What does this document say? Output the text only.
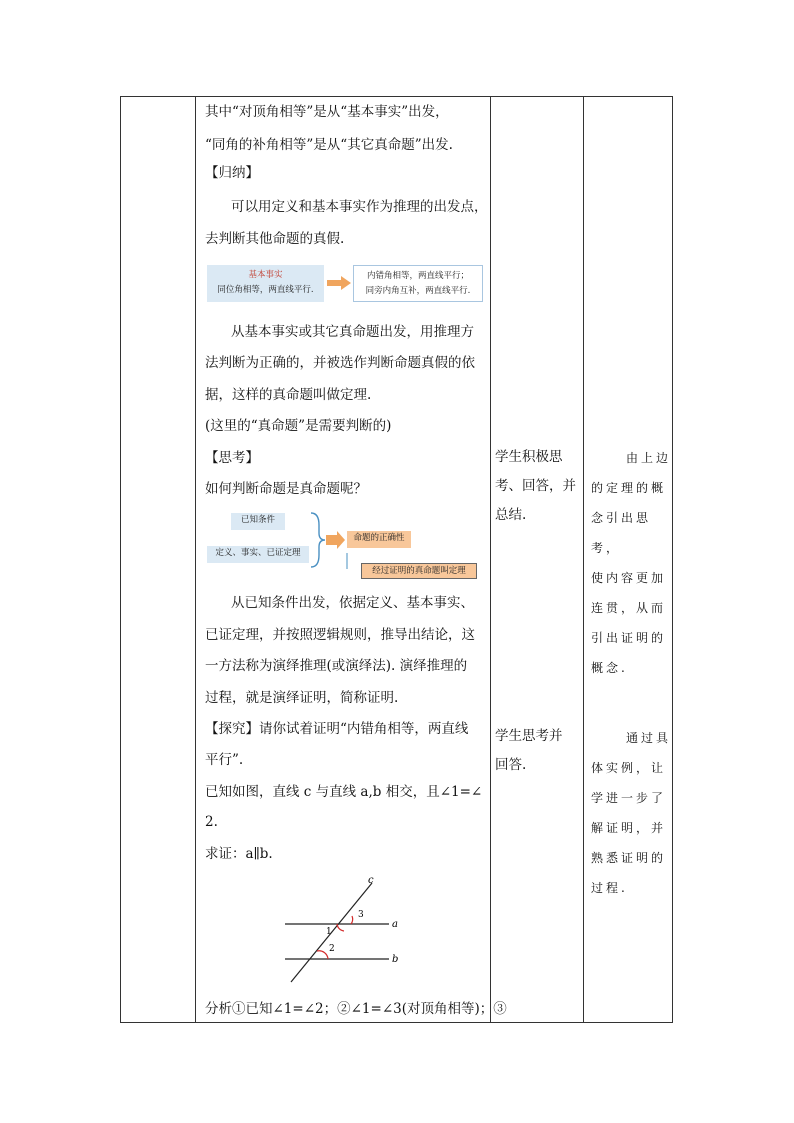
其中“对顶角相等”是从“基本事实”出发，
“同角的补角相等”是从“其它真命题”出发.
【归纳】
可以用定义和基本事实作为推理的出发点，
去判断其他命题的真假.
基本事实
同位角相等，两直线平行.
内错角相等，两直线平行；
同旁内角互补，两直线平行.
从基本事实或其它真命题出发，用推理方
法判断为正确的，并被选作判断命题真假的依
据，这样的真命题叫做定理.
(这里的“真命题”是需要判断的)
【思考】
如何判断命题是真命题呢？
已知条件
定义、事实、已证定理
命题的正确性
经过证明的真命题叫定理
从已知条件出发，依据定义、基本事实、
已证定理，并按照逻辑规则，推导出结论，这
一方法称为演绎推理(或演绎法). 演绎推理的
过程，就是演绎证明，简称证明.
【探究】请你试着证明“内错角相等，两直线
平行”.
已知如图，直线 c 与直线 a,b 相交，且∠1=∠
2.
求证：a∥b.
c
a
b
1
2
3
分析①已知∠1=∠2；②∠1=∠3(对顶角相等)；③
学生积极思
考、回答，并
总结.
学生思考并
回答.
由上边
的定理的概
念引出思考，
使内容更加
连贯，从而
引出证明的
概念.
通过具
体实例，让
学进一步了
解证明，并
熟悉证明的
过程.
